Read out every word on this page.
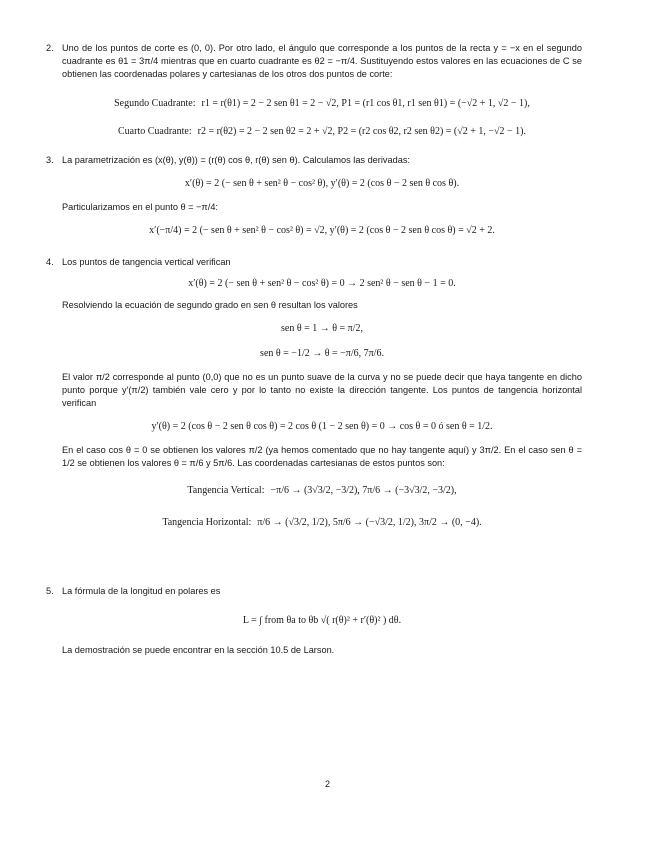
2. Uno de los puntos de corte es (0, 0). Por otro lado, el ángulo que corresponde a los puntos de la recta y = −x en el segundo cuadrante es θ1 = 3π/4 mientras que en cuarto cuadrante es θ2 = −π/4. Sustituyendo estos valores en las ecuaciones de C se obtienen las coordenadas polares y cartesianas de los otros dos puntos de corte:

Segundo Cuadrante: r1 = r(θ1) = 2 − 2 sen θ1 = 2 − √2, P1 = (r1 cos θ1, r1 sen θ1) = (−√2 + 1, √2 − 1),
Cuarto Cuadrante: r2 = r(θ2) = 2 − 2 sen θ2 = 2 + √2, P2 = (r2 cos θ2, r2 sen θ2) = (√2 + 1, −√2 − 1).
3. La parametrización es (x(θ), y(θ)) = (r(θ) cos θ, r(θ) sen θ). Calculamos las derivadas:

x′(θ) = 2 (− sen θ + sen² θ − cos² θ), y′(θ) = 2 (cos θ − 2 sen θ cos θ).

Particularizamos en el punto θ = −π/4:

x′(−π/4) = 2 (− sen θ + sen² θ − cos² θ) = √2, y′(θ) = 2 (cos θ − 2 sen θ cos θ) = √2 + 2.

4. Los puntos de tangencia vertical verifican

x′(θ) = 2 (− sen θ + sen² θ − cos² θ) = 0 → 2 sen² θ − sen θ − 1 = 0.

Resolviendo la ecuación de segundo grado en sen θ resultan los valores

sen θ = 1 → θ = π/2,

sen θ = −1/2 → θ = −π/6, 7π/6.

El valor π/2 corresponde al punto (0,0) que no es un punto suave de la curva y no se puede decir que haya tangente en dicho punto porque y′(π/2) también vale cero y por lo tanto no existe la dirección tangente. Los puntos de tangencia horizontal verifican

y′(θ) = 2 (cos θ − 2 sen θ cos θ) = 2 cos θ (1 − 2 sen θ) = 0 → cos θ = 0 ó sen θ = 1/2.

En el caso cos θ = 0 se obtienen los valores π/2 (ya hemos comentado que no hay tangente aquí) y 3π/2. En el caso sen θ = 1/2 se obtienen los valores θ = π/6 y 5π/6. Las coordenadas cartesianas de estos puntos son:

Tangencia Vertical: −π/6 → (3√3/2, −3/2), 7π/6 → (−3√3/2, −3/2),
Tangencia Horizontal: π/6 → (√3/2, 1/2), 5π/6 → (−√3/2, 1/2), 3π/2 → (0, −4).
5. La fórmula de la longitud en polares es

L = ∫ from θa to θb √( r(θ)² + r′(θ)² ) dθ.

La demostración se puede encontrar en la sección 10.5 de Larson.

2
